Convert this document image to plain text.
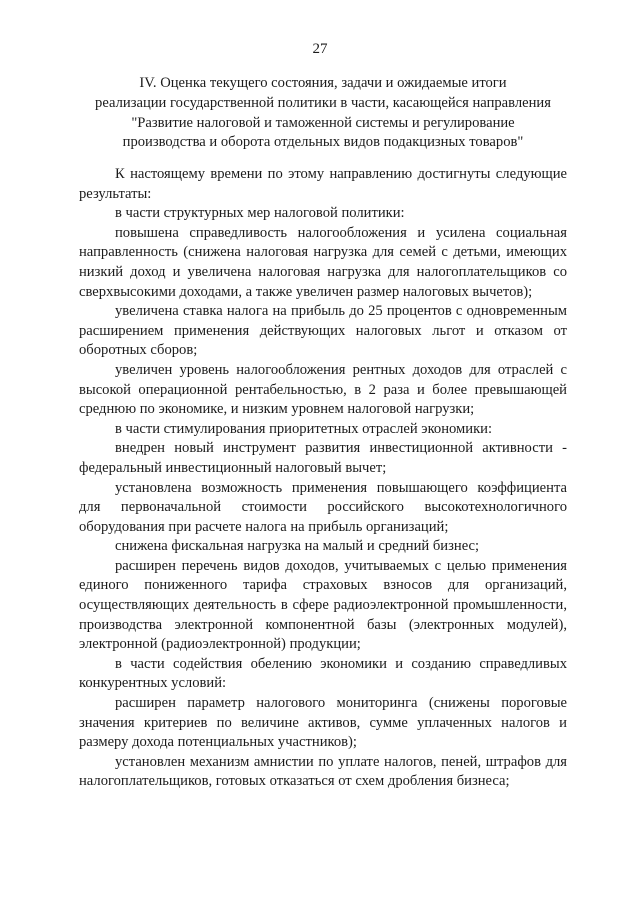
27
IV. Оценка текущего состояния, задачи и ожидаемые итоги
реализации государственной политики в части, касающейся направления
"Развитие налоговой и таможенной системы и регулирование
производства и оборота отдельных видов подакцизных товаров"

К настоящему времени по этому направлению достигнуты следующие результаты:

в части структурных мер налоговой политики:

повышена справедливость налогообложения и усилена социальная направленность (снижена налоговая нагрузка для семей с детьми, имеющих низкий доход и увеличена налоговая нагрузка для налогоплательщиков со сверхвысокими доходами, а также увеличен размер налоговых вычетов);

увеличена ставка налога на прибыль до 25 процентов с одновременным расширением применения действующих налоговых льгот и отказом от оборотных сборов;

увеличен уровень налогообложения рентных доходов для отраслей с высокой операционной рентабельностью, в 2 раза и более превышающей среднюю по экономике, и низким уровнем налоговой нагрузки;

в части стимулирования приоритетных отраслей экономики:

внедрен новый инструмент развития инвестиционной активности - федеральный инвестиционный налоговый вычет;

установлена возможность применения повышающего коэффициента для первоначальной стоимости российского высокотехнологичного оборудования при расчете налога на прибыль организаций;

снижена фискальная нагрузка на малый и средний бизнес;

расширен перечень видов доходов, учитываемых с целью применения единого пониженного тарифа страховых взносов для организаций, осуществляющих деятельность в сфере радиоэлектронной промышленности, производства электронной компонентной базы (электронных модулей), электронной (радиоэлектронной) продукции;

в части содействия обелению экономики и созданию справедливых конкурентных условий:

расширен параметр налогового мониторинга (снижены пороговые значения критериев по величине активов, сумме уплаченных налогов и размеру дохода потенциальных участников);

установлен механизм амнистии по уплате налогов, пеней, штрафов для налогоплательщиков, готовых отказаться от схем дробления бизнеса;
